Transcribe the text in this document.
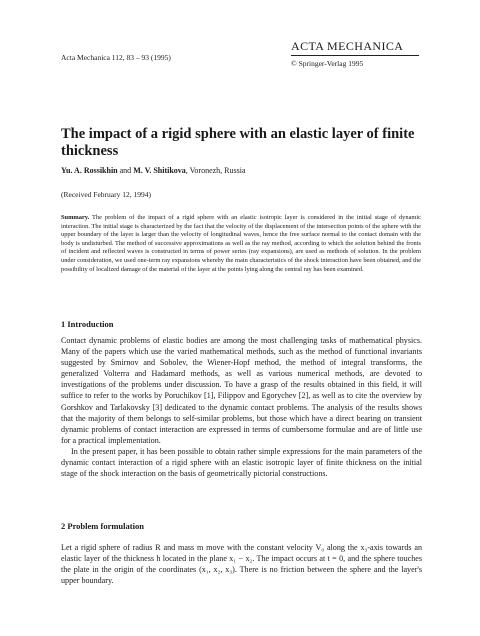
Acta Mechanica 112, 83 – 93 (1995)
ACTA MECHANICA
© Springer-Verlag 1995
The impact of a rigid sphere with an elastic layer of finite thickness
Yu. A. Rossikhin and M. V. Shitikova, Voronezh, Russia
(Received February 12, 1994)
Summary. The problem of the impact of a rigid sphere with an elastic isotropic layer is considered in the initial stage of dynamic interaction. The initial stage is characterized by the fact that the velocity of the displacement of the intersection points of the sphere with the upper boundary of the layer is larger than the velocity of longitudinal waves, hence the free surface normal to the contact domain with the body is undisturbed. The method of successive approximations as well as the ray method, according to which the solution behind the fronts of incident and reflected waves is constructed in terms of power series (ray expansions), are used as methods of solution. In the problem under consideration, we used one-term ray expansions whereby the main characteristics of the shock interaction have been obtained, and the possibility of localized damage of the material of the layer at the points lying along the central ray has been examined.
1 Introduction

Contact dynamic problems of elastic bodies are among the most challenging tasks of mathematical physics. Many of the papers which use the varied mathematical methods, such as the method of functional invariants suggested by Smirnov and Sobolev, the Wiener-Hopf method, the method of integral transforms, the generalized Volterra and Hadamard methods, as well as various numerical methods, are devoted to investigations of the problems under discussion. To have a grasp of the results obtained in this field, it will suffice to refer to the works by Poruchikov [1], Filippov and Egorychev [2], as well as to cite the overview by Gorshkov and Tarlakovsky [3] dedicated to the dynamic contact problems. The analysis of the results shows that the majority of them belongs to self-similar problems, but those which have a direct bearing on transient dynamic problems of contact interaction are expressed in terms of cumbersome formulae and are of little use for a practical implementation.

In the present paper, it has been possible to obtain rather simple expressions for the main parameters of the dynamic contact interaction of a rigid sphere with an elastic isotropic layer of finite thickness on the initial stage of the shock interaction on the basis of geometrically pictorial constructions.

2 Problem formulation

Let a rigid sphere of radius R and mass m move with the constant velocity V₀ along the x₃-axis towards an elastic layer of the thickness h located in the plane x₁ − x₂. The impact occurs at t = 0, and the sphere touches the plate in the origin of the coordinates (x₁, x₂, x₃). There is no friction between the sphere and the layer's upper boundary.
